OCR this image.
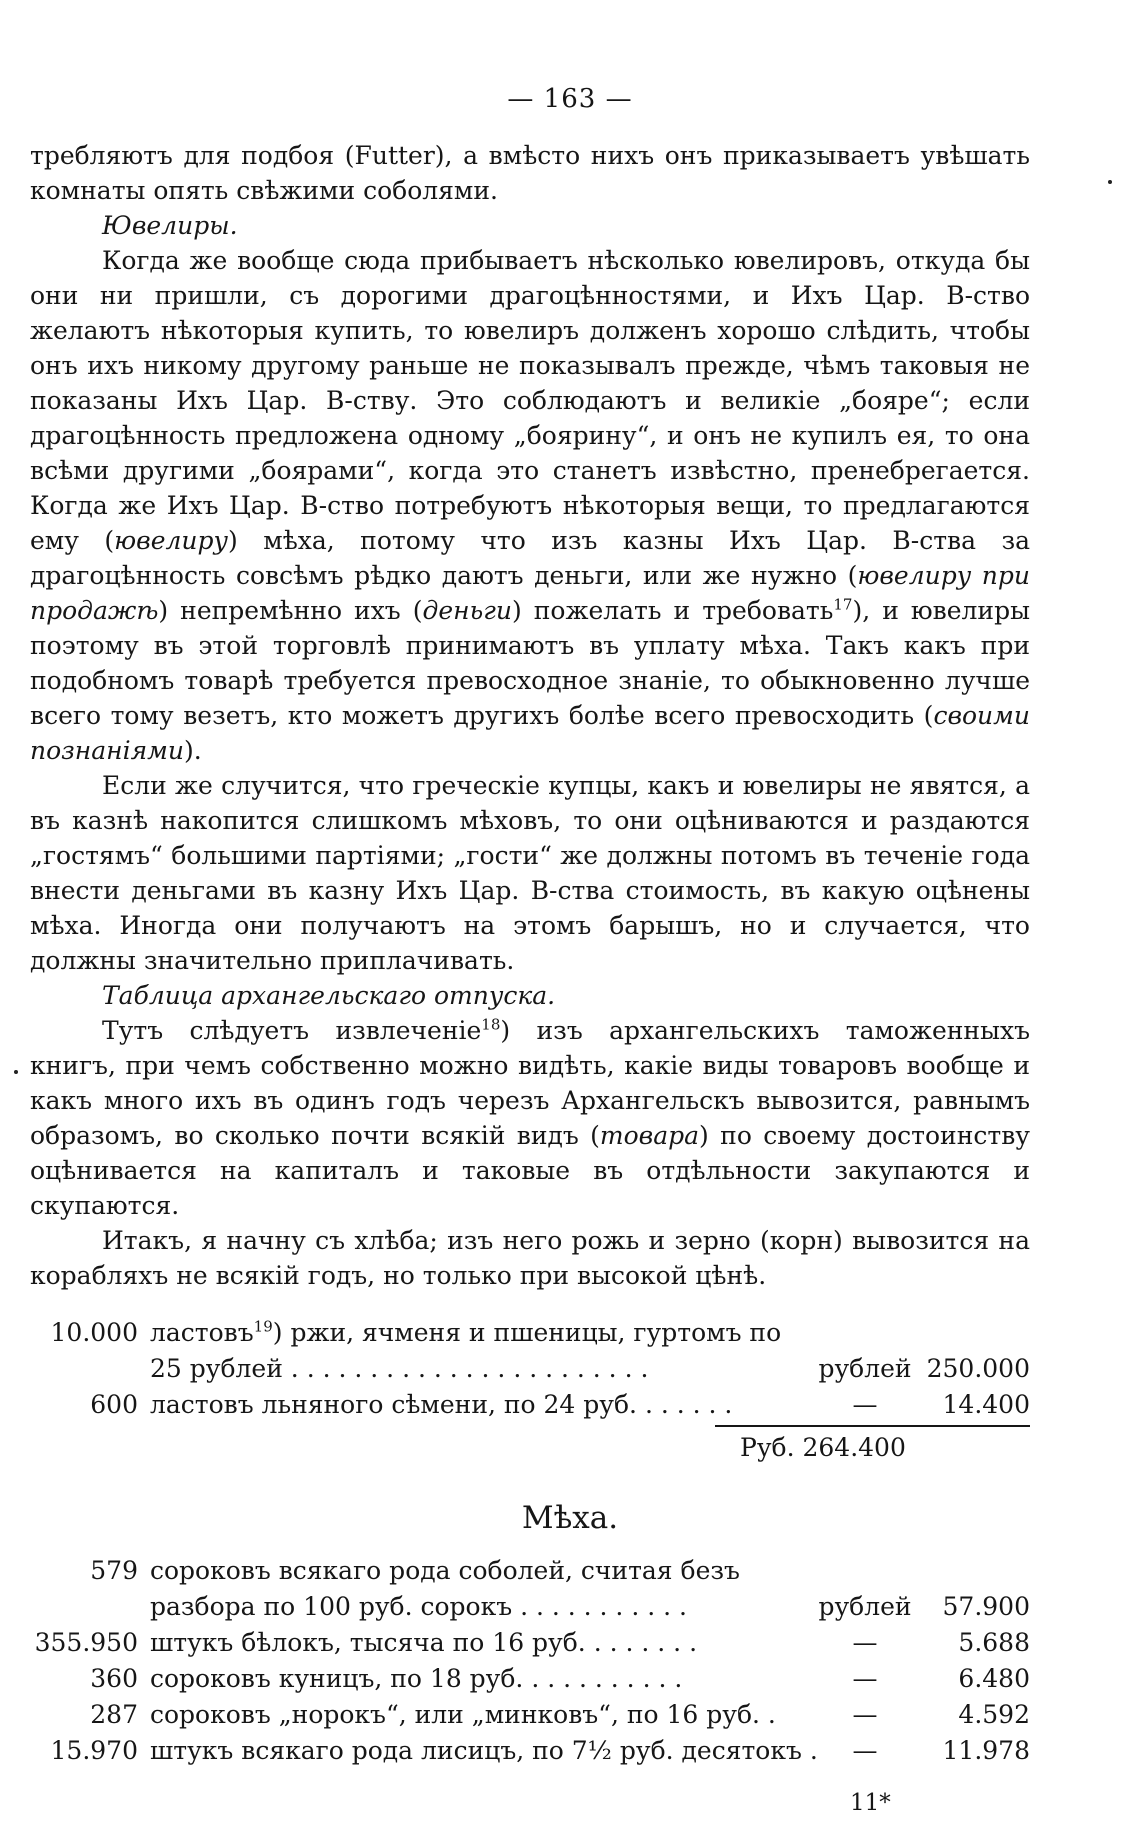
— 163 —

требляютъ для подбоя (Futter), а вмѣсто нихъ онъ приказываетъ увѣшать комнаты опять свѣжими соболями.

Ювелиры.

Когда же вообще сюда прибываетъ нѣсколько ювелировъ, откуда бы они ни пришли, съ дорогими драгоцѣнностями, и Ихъ Цар. В-ство желаютъ нѣкоторыя купить, то ювелиръ долженъ хорошо слѣдить, чтобы онъ ихъ никому другому раньше не показывалъ прежде, чѣмъ таковыя не показаны Ихъ Цар. В-ству. Это соблюдаютъ и великіе „бояре“; если драгоцѣнность предложена одному „боярину“, и онъ не купилъ ея, то она всѣми другими „боярами“, когда это станетъ извѣстно, пренебрегается. Когда же Ихъ Цар. В-ство потребуютъ нѣкоторыя вещи, то предлагаются ему (ювелиру) мѣха, потому что изъ казны Ихъ Цар. В-ства за драгоцѣнность совсѣмъ рѣдко даютъ деньги, или же нужно (ювелиру при продажѣ) непремѣнно ихъ (деньги) пожелать и требовать$^{17}$), и ювелиры поэтому въ этой торговлѣ принимаютъ въ уплату мѣха. Такъ какъ при подобномъ товарѣ требуется превосходное знаніе, то обыкновенно лучше всего тому везетъ, кто можетъ другихъ болѣе всего превосходить (своими познаніями).

Если же случится, что греческіе купцы, какъ и ювелиры не явятся, а въ казнѣ накопится слишкомъ мѣховъ, то они оцѣниваются и раздаются „гостямъ“ большими партіями; „гости“ же должны потомъ въ теченіе года внести деньгами въ казну Ихъ Цар. В-ства стоимость, въ какую оцѣнены мѣха. Иногда они получаютъ на этомъ барышъ, но и случается, что должны значительно приплачивать.

Таблица архангельскаго отпуска.

Тутъ слѣдуетъ извлеченіе$^{18}$) изъ архангельскихъ таможенныхъ книгъ, при чемъ собственно можно видѣть, какіе виды товаровъ вообще и какъ много ихъ въ одинъ годъ черезъ Архангельскъ вывозится, равнымъ образомъ, во сколько почти всякій видъ (товара) по своему достоинству оцѣнивается на капиталъ и таковые въ отдѣльности закупаются и скупаются.

Итакъ, я начну съ хлѣба; изъ него рожь и зерно (корн) вывозится на корабляхъ не всякій годъ, но только при высокой цѣнѣ.

10.000 ластовъ$^{19}$) ржи, ячменя и пшеницы, гуртомъ по
25 рублей . . . . . . . . . . . . . . . . . . . . . . .	рублей 250.000
600 ластовъ льняного сѣмени, по 24 руб. . . . . . .	—	14.400
Руб. 264.400
Мѣха.
579 сороковъ всякаго рода соболей, считая безъ
разбора по 100 руб. сорокъ . . . . . . . . . . .	рублей	57.900
355.950 штукъ бѣлокъ, тысяча по 16 руб. . . . . . . .	—	5.688
360 сороковъ куницъ, по 18 руб. . . . . . . . . . .	—	6.480
287 сороковъ „норокъ“, или „минковъ“, по 16 руб. .	—	4.592
15.970 штукъ всякаго рода лисицъ, по 7½ руб. десятокъ .	—	11.978
11*
